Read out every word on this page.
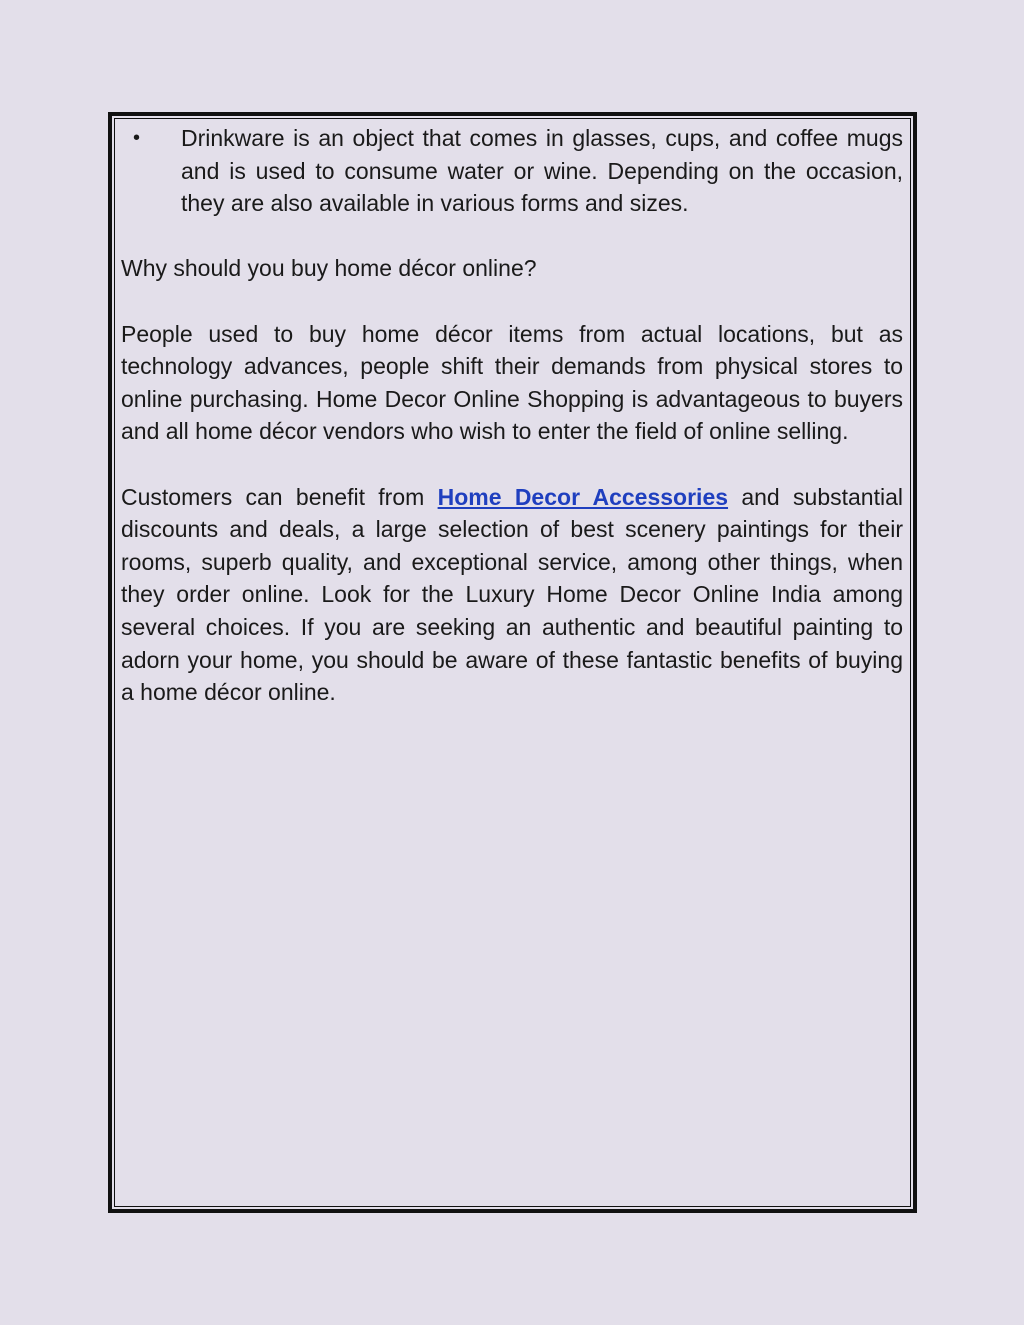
•	Drinkware is an object that comes in glasses, cups, and coffee mugs and is used to consume water or wine. Depending on the occasion, they are also available in various forms and sizes.

Why should you buy home décor online?

People used to buy home décor items from actual locations, but as technology advances, people shift their demands from physical stores to online purchasing. Home Decor Online Shopping is advantageous to buyers and all home décor vendors who wish to enter the field of online selling.

Customers can benefit from Home Decor Accessories and substantial discounts and deals, a large selection of best scenery paintings for their rooms, superb quality, and exceptional service, among other things, when they order online. Look for the Luxury Home Decor Online India among several choices. If you are seeking an authentic and beautiful painting to adorn your home, you should be aware of these fantastic benefits of buying a home décor online.
